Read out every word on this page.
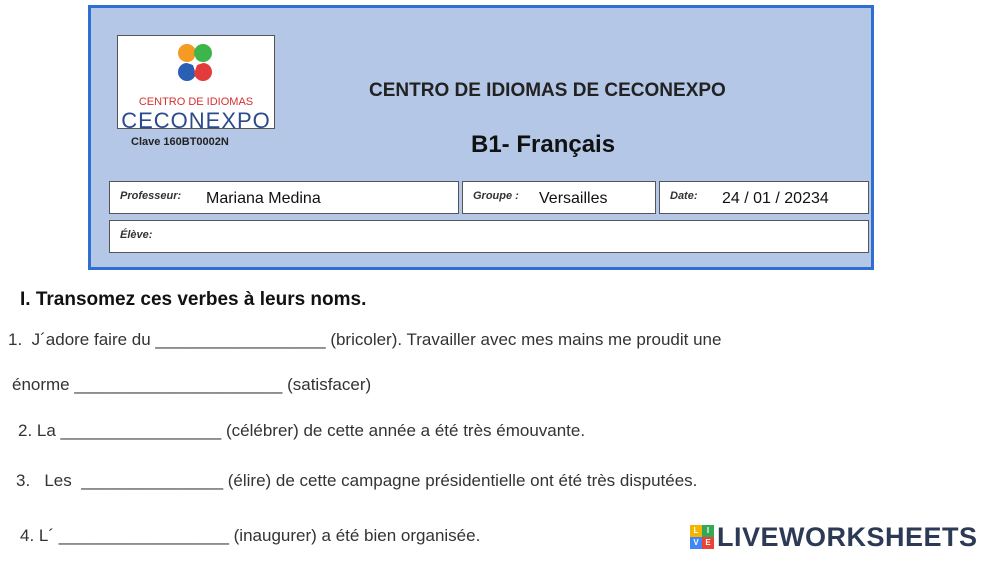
CENTRO DE IDIOMAS
CECONEXPO
Clave 160BT0002N
CENTRO DE IDIOMAS DE CECONEXPO
B1- Français
Professeur: Mariana Medina	Groupe : Versailles	Date: 24 / 01 / 20234
Élève:
I. Transomez ces verbes à leurs noms.
1.  J´adore faire du __________________ (bricoler). Travailler avec mes mains me proudit une
énorme ______________________ (satisfacer)
2. La _________________ (célébrer) de cette année a été très émouvante.
3.   Les  _______________ (élire) de cette campagne présidentielle ont été très disputées.
4. L´ __________________ (inaugurer) a été bien organisée.	L	I
V E LIVEWORKSHEETS
